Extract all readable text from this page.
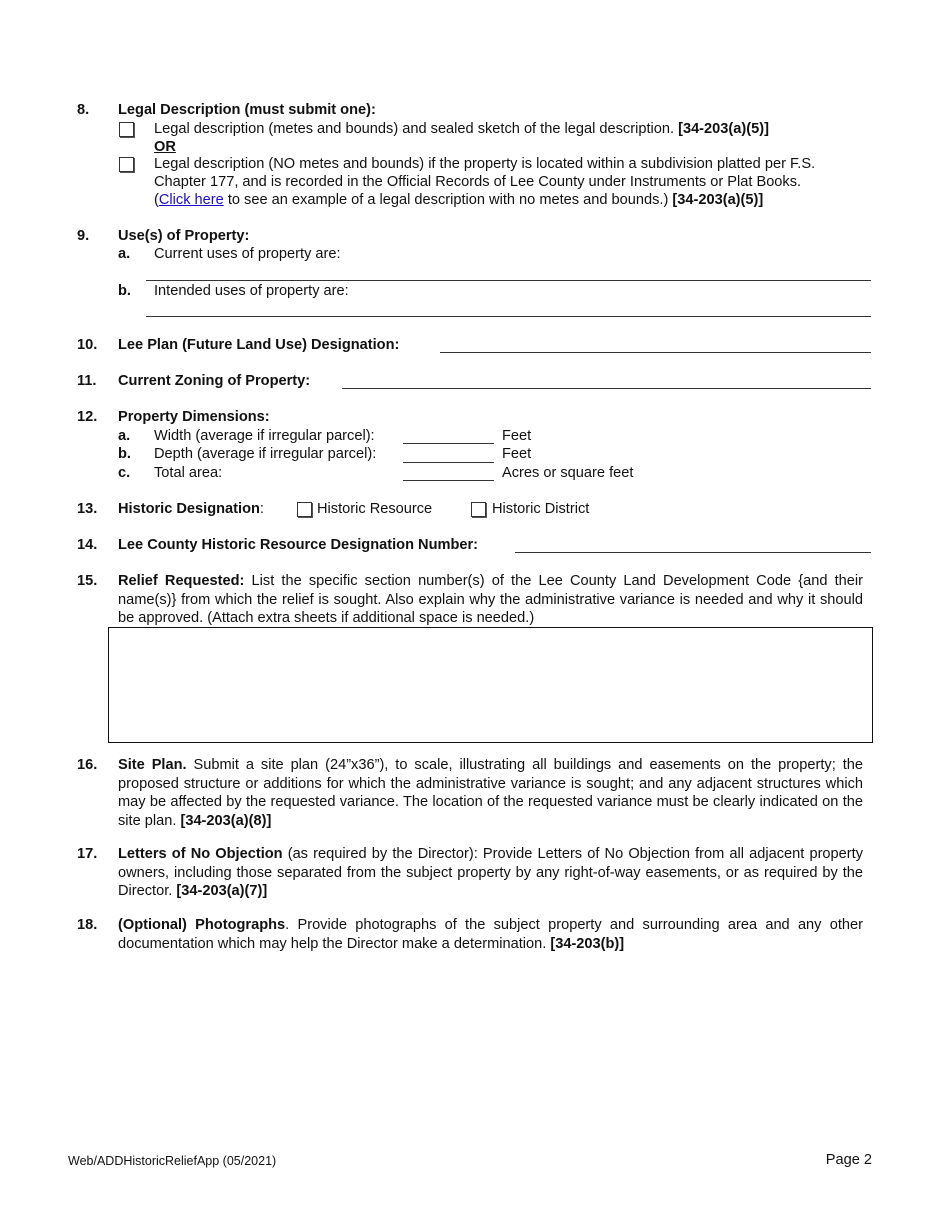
8. Legal Description (must submit one):
Legal description (metes and bounds) and sealed sketch of the legal description. [34-203(a)(5)]
OR
Legal description (NO metes and bounds) if the property is located within a subdivision platted per F.S.
Chapter 177, and is recorded in the Official Records of Lee County under Instruments or Plat Books.
(Click here to see an example of a legal description with no metes and bounds.) [34-203(a)(5)]
9. Use(s) of Property:
a. Current uses of property are:
b. Intended uses of property are:
10. Lee Plan (Future Land Use) Designation:
11. Current Zoning of Property:
12. Property Dimensions:
a. Width (average if irregular parcel):	Feet
b. Depth (average if irregular parcel):	Feet
c. Total area:	Acres or square feet
13. Historic Designation:	Historic Resource	Historic District
14. Lee County Historic Resource Designation Number:
15. Relief Requested: List the specific section number(s) of the Lee County Land Development Code {and their name(s)} from which the relief is sought. Also explain why the administrative variance is needed and why it should be approved. (Attach extra sheets if additional space is needed.)
16. Site Plan. Submit a site plan (24”x36”), to scale, illustrating all buildings and easements on the property; the proposed structure or additions for which the administrative variance is sought; and any adjacent structures which may be affected by the requested variance. The location of the requested variance must be clearly indicated on the site plan. [34-203(a)(8)]
17. Letters of No Objection (as required by the Director): Provide Letters of No Objection from all adjacent property owners, including those separated from the subject property by any right-of-way easements, or as required by the Director. [34-203(a)(7)]
18. (Optional) Photographs. Provide photographs of the subject property and surrounding area and any other documentation which may help the Director make a determination. [34-203(b)]
Web/ADDHistoricReliefApp (05/2021)	Page 2
